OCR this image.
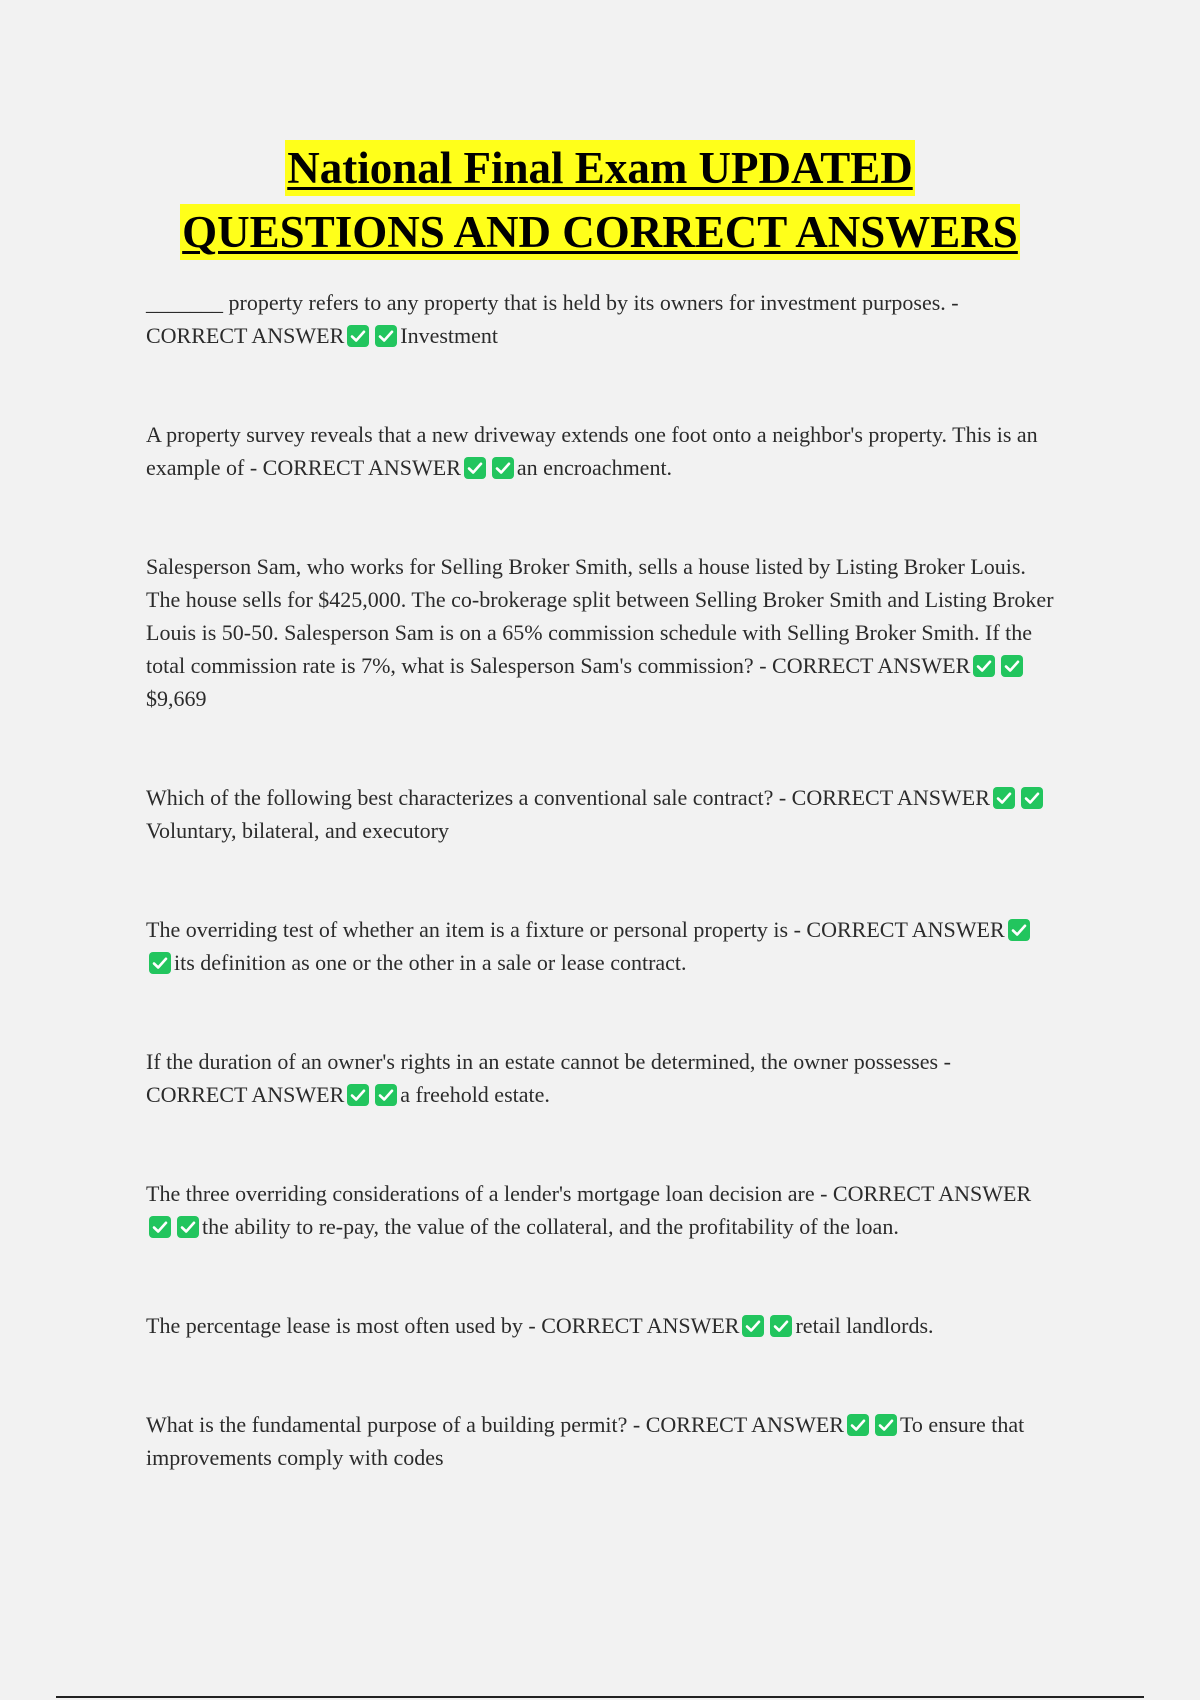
National Final Exam UPDATED
QUESTIONS AND CORRECT ANSWERS

_______ property refers to any property that is held by its owners for investment purposes. - CORRECT ANSWER	Investment

A property survey reveals that a new driveway extends one foot onto a neighbor's property. This is an example of - CORRECT ANSWER	an encroachment.

Salesperson Sam, who works for Selling Broker Smith, sells a house listed by Listing Broker Louis. The house sells for $425,000. The co-brokerage split between Selling Broker Smith and Listing Broker Louis is 50-50. Salesperson Sam is on a 65% commission schedule with Selling Broker Smith. If the total commission rate is 7%, what is Salesperson Sam's commission? - CORRECT ANSWER
$9,669

Which of the following best characterizes a conventional sale contract? - CORRECT ANSWER
Voluntary, bilateral, and executory

The overriding test of whether an item is a fixture or personal property is - CORRECT ANSWER
its definition as one or the other in a sale or lease contract.

If the duration of an owner's rights in an estate cannot be determined, the owner possesses - CORRECT ANSWER	a freehold estate.

The three overriding considerations of a lender's mortgage loan decision are - CORRECT ANSWER
the ability to re-pay, the value of the collateral, and the profitability of the loan.

The percentage lease is most often used by - CORRECT ANSWER	retail landlords.

What is the fundamental purpose of a building permit? - CORRECT ANSWER	To ensure that improvements comply with codes
